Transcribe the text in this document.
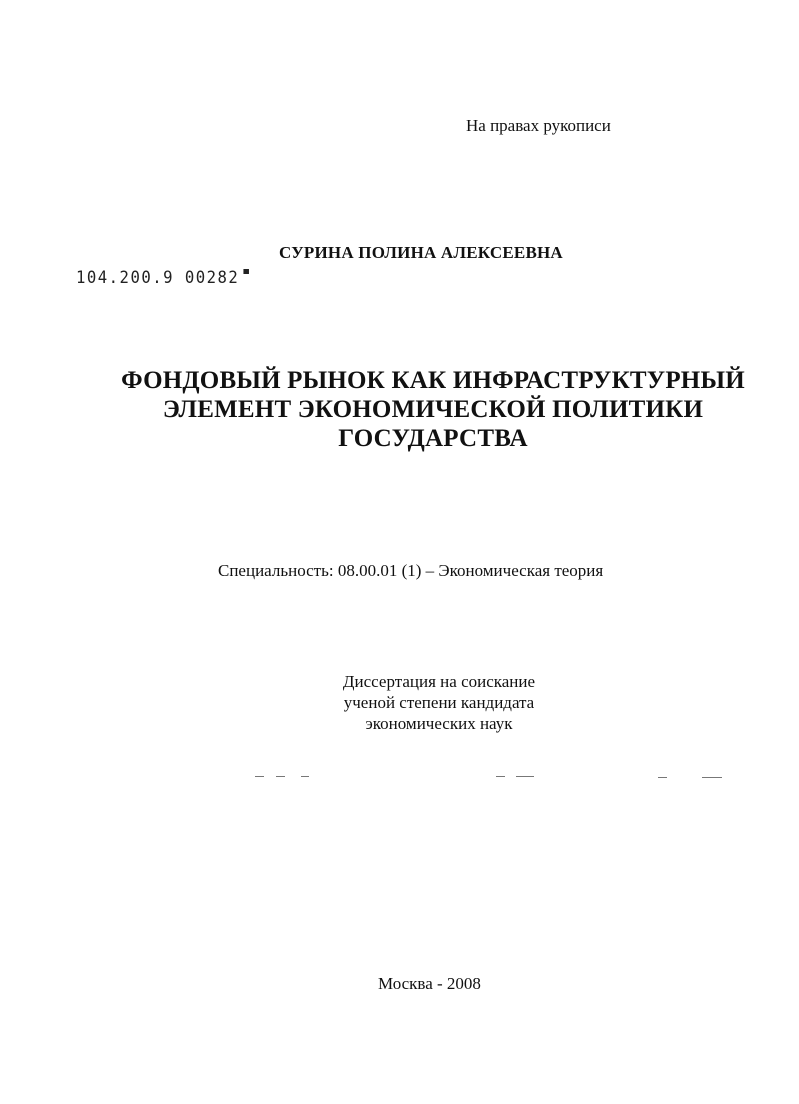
На правах рукописи
СУРИНА ПОЛИНА АЛЕКСЕЕВНА
104.200.9 00282
ФОНДОВЫЙ РЫНОК КАК ИНФРАСТРУКТУРНЫЙ
ЭЛЕМЕНТ ЭКОНОМИЧЕСКОЙ ПОЛИТИКИ
ГОСУДАРСТВА
Специальность: 08.00.01 (1) – Экономическая теория
Диссертация на соискание
ученой степени кандидата
экономических наук
Москва - 2008
